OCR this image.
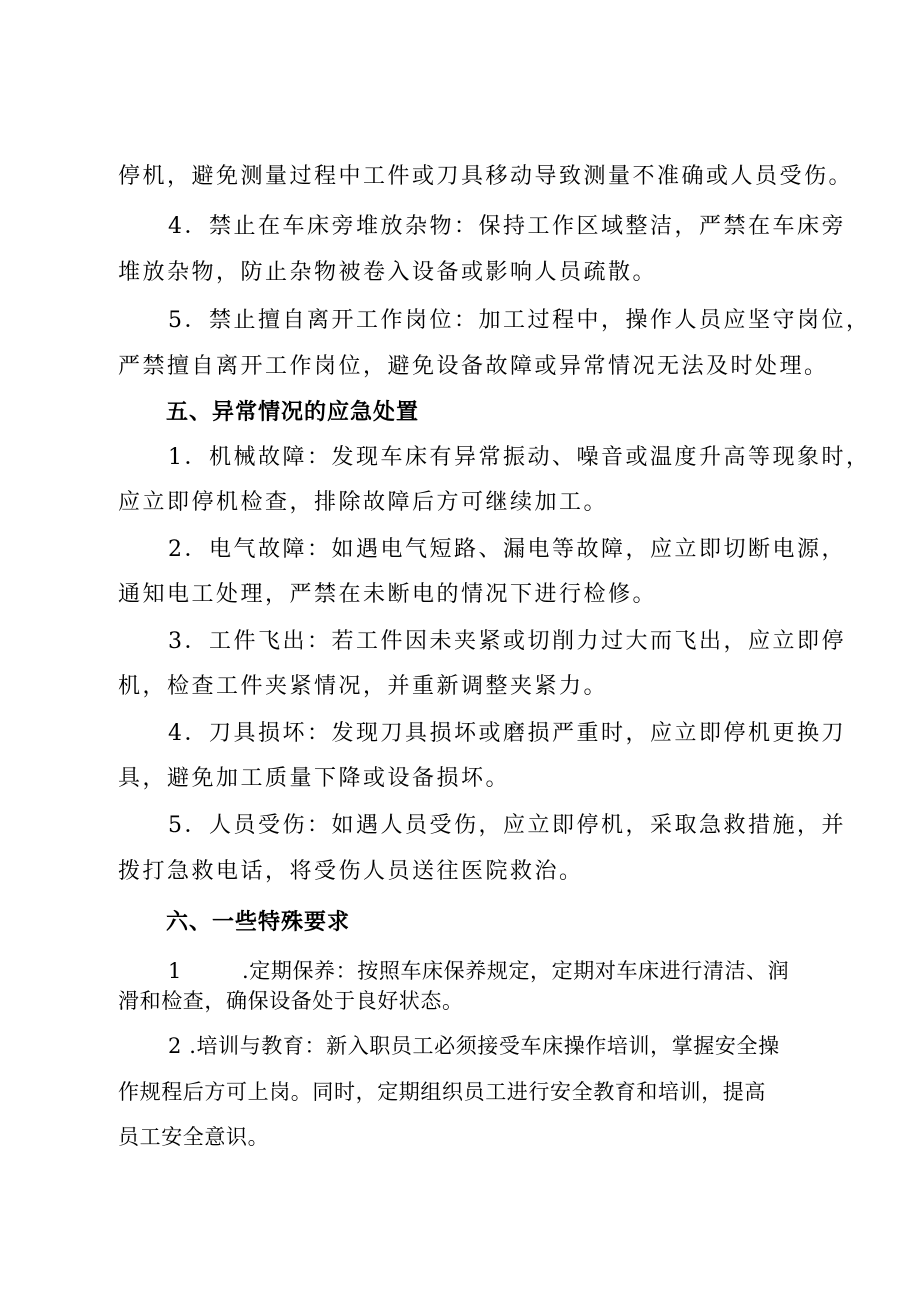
停机，避免测量过程中工件或刀具移动导致测量不准确或人员受伤。
4．禁止在车床旁堆放杂物：保持工作区域整洁，严禁在车床旁
堆放杂物，防止杂物被卷入设备或影响人员疏散。
5．禁止擅自离开工作岗位：加工过程中，操作人员应坚守岗位，
严禁擅自离开工作岗位，避免设备故障或异常情况无法及时处理。
五、异常情况的应急处置
1．机械故障：发现车床有异常振动、噪音或温度升高等现象时，
应立即停机检查，排除故障后方可继续加工。
2．电气故障：如遇电气短路、漏电等故障，应立即切断电源，
通知电工处理，严禁在未断电的情况下进行检修。
3．工件飞出：若工件因未夹紧或切削力过大而飞出，应立即停
机，检查工件夹紧情况，并重新调整夹紧力。
4．刀具损坏：发现刀具损坏或磨损严重时，应立即停机更换刀
具，避免加工质量下降或设备损坏。
5．人员受伤：如遇人员受伤，应立即停机，采取急救措施，并
拨打急救电话，将受伤人员送往医院救治。
六、一些特殊要求
1	.定期保养：按照车床保养规定，定期对车床进行清洁、润
滑和检查，确保设备处于良好状态。
2 .培训与教育：新入职员工必须接受车床操作培训，掌握安全操
作规程后方可上岗。同时，定期组织员工进行安全教育和培训，提高
员工安全意识。
